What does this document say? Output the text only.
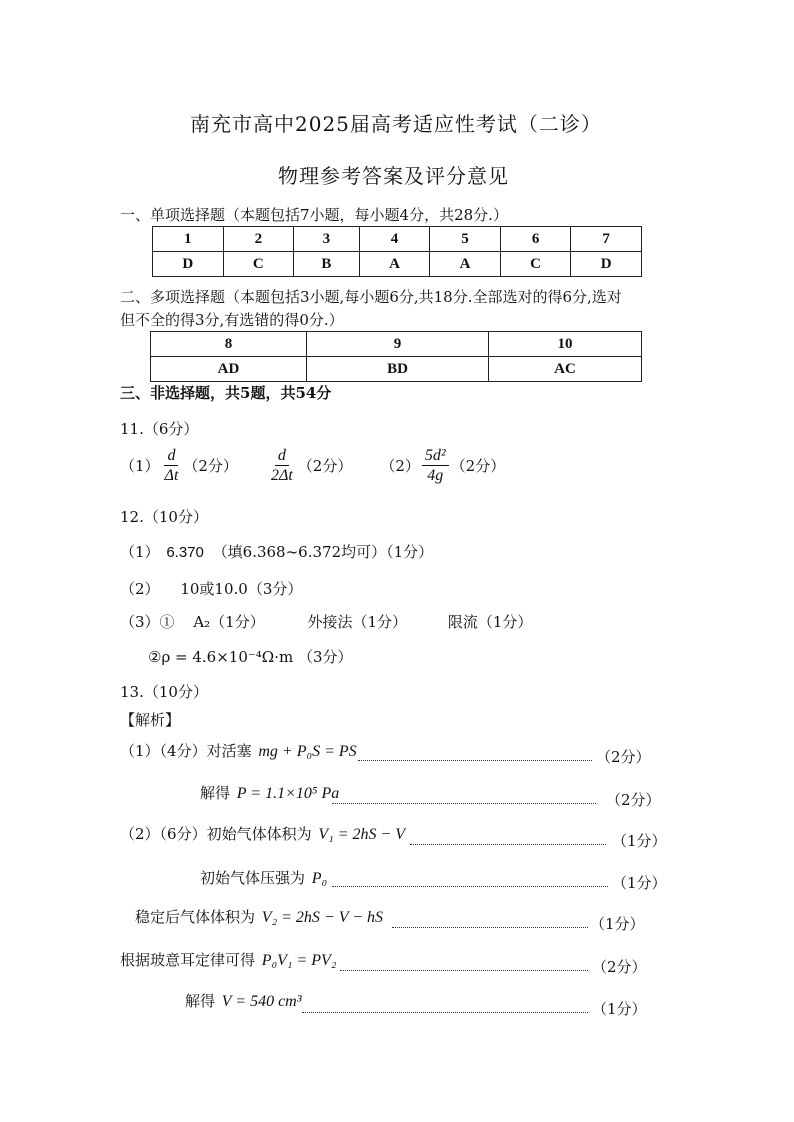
南充市高中2025届高考适应性考试（二诊）
物理参考答案及评分意见
一、单项选择题（本题包括7小题，每小题4分，共28分.）
1	2	3	4	5	6	7
D	C	B	A	A	C	D
二、多项选择题（本题包括3小题,每小题6分,共18分.全部选对的得6分,选对
但不全的得3分,有选错的得0分.）
8	9	10
AD	BD	AC
三、非选择题，共5题，共54分
11.（6分）
$(1) \frac{d}{\Delta t} (2$分） $\frac{d}{2\Delta t} (2$分） $(2) \frac{\text{5d²}}{4g} (2$分）
12.（10分）
（1） 6.370 （填6.368~6.372均可）（1分）
（2） 10或10.0（3分）
（3）① A₂（1分）	外接法（1分）	限流（1分）
②ρ = 4.6×10⁻⁴Ω·m （3分）
13.（10分）
【解析】
（1）（4分）对活塞 mg + P₀S = PS	（2分）
解得 P = 1.1×10⁵ Pa	（2分）
（2）（6分）初始气体体积为 V₁ = 2hS − V	（1分）
初始气体压强为 P₀	（1分）
稳定后气体体积为 V₂ = 2hS − V − hS	（1分）
根据玻意耳定律可得 P₀V₁ = PV₂	（2分）
解得 V = 540 cm³	（1分）
